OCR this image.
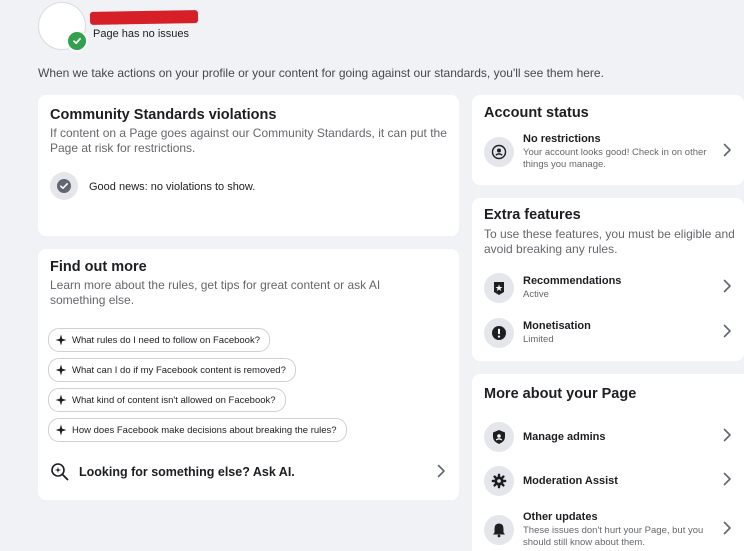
Page has no issues
When we take actions on your profile or your content for going against our standards, you'll see them here.
Community Standards violations
If content on a Page goes against our Community Standards, it can put the Page at risk for restrictions.
Good news: no violations to show.
Find out more
Learn more about the rules, get tips for great content or ask AI something else.
What rules do I need to follow on Facebook?
What can I do if my Facebook content is removed?
What kind of content isn't allowed on Facebook?
How does Facebook make decisions about breaking the rules?
Looking for something else? Ask AI.
Account status
No restrictions
Your account looks good! Check in on other things you manage.
Extra features
To use these features, you must be eligible and avoid breaking any rules.
Recommendations
Active
Monetisation
Limited
More about your Page
Manage admins
Moderation Assist
Other updates
These issues don't hurt your Page, but you should still know about them.
